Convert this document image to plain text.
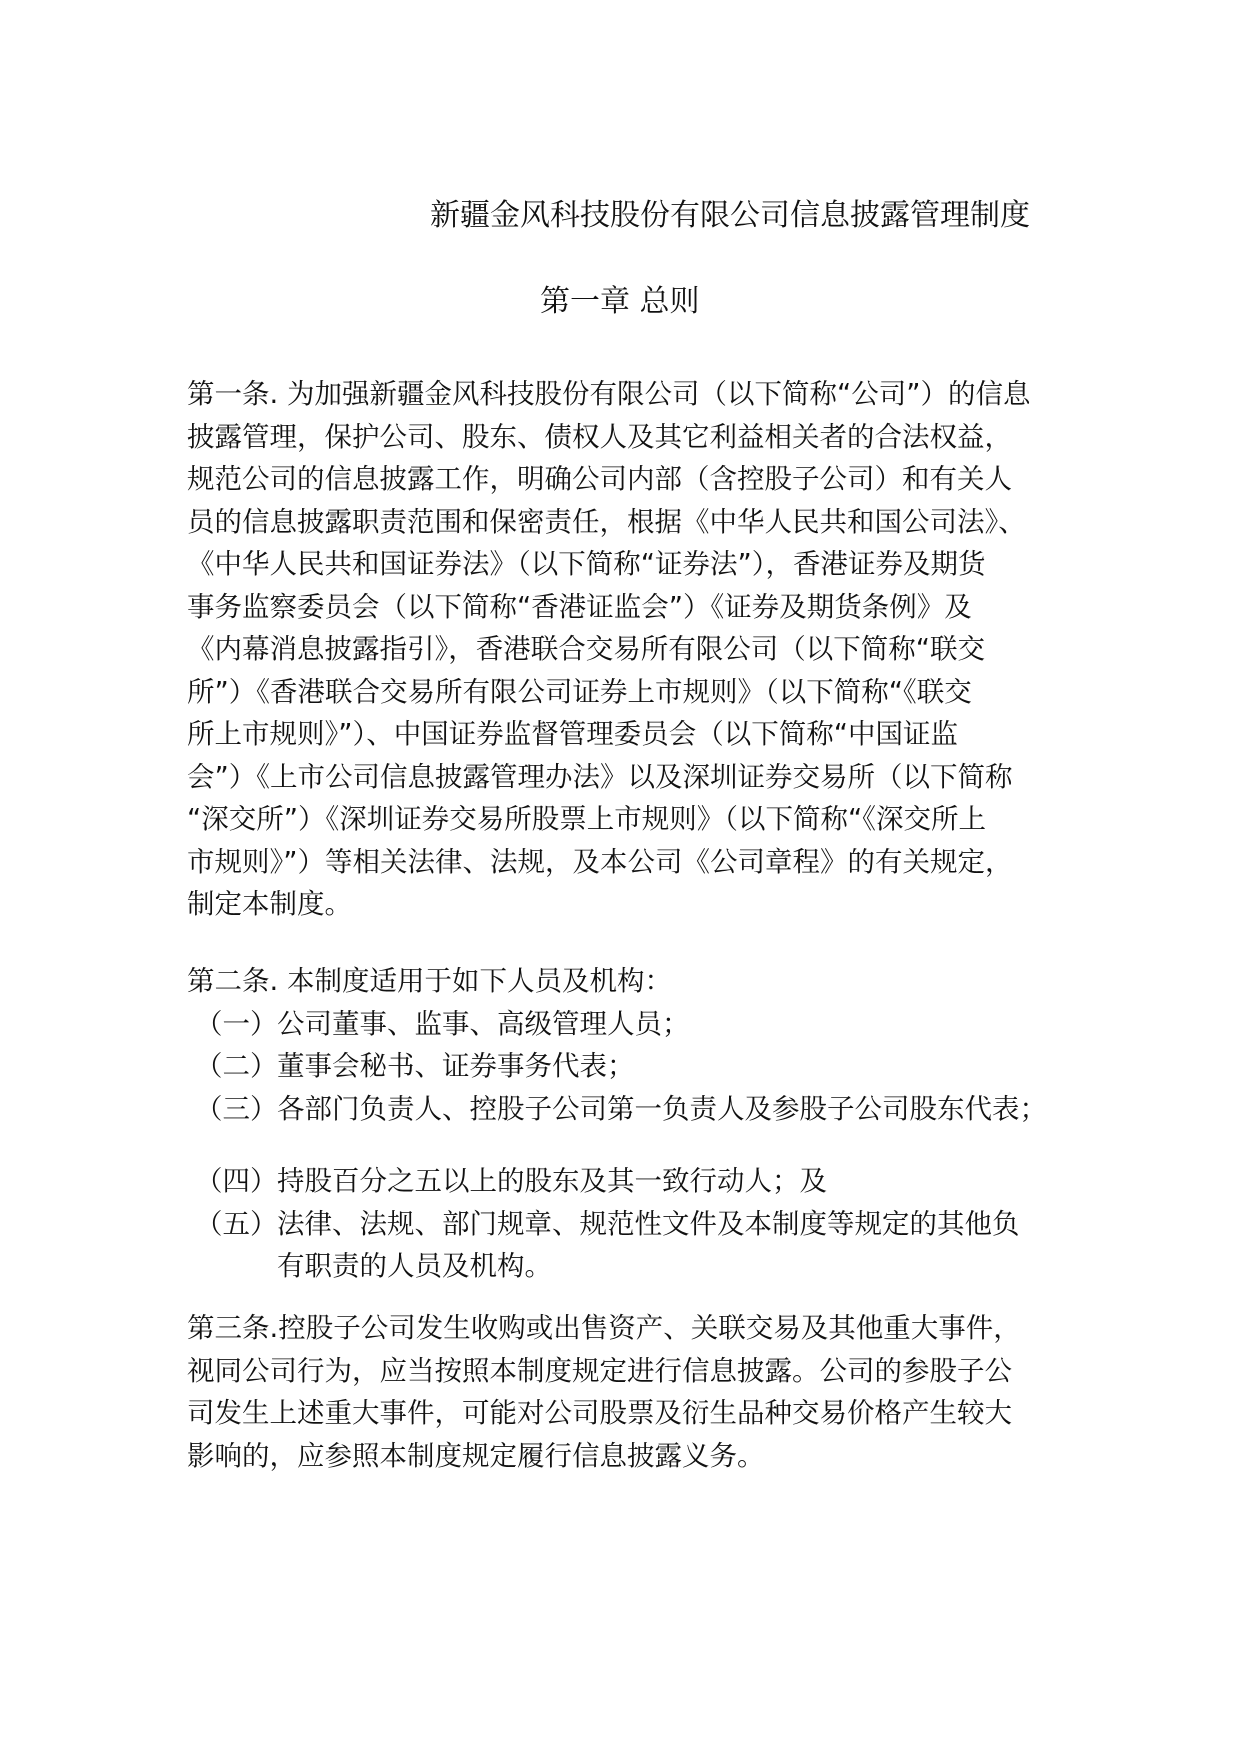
新疆金风科技股份有限公司信息披露管理制度
第一章 总则
第一条. 为加强新疆金风科技股份有限公司（以下简称“公司”）的信息
披露管理，保护公司、股东、债权人及其它利益相关者的合法权益，
规范公司的信息披露工作，明确公司内部（含控股子公司）和有关人
员的信息披露职责范围和保密责任，根据《中华人民共和国公司法》、
《中华人民共和国证券法》（以下简称“证券法”），香港证券及期货
事务监察委员会（以下简称“香港证监会”）《证券及期货条例》及
《内幕消息披露指引》，香港联合交易所有限公司（以下简称“联交
所”）《香港联合交易所有限公司证券上市规则》（以下简称“《联交
所上市规则》”）、中国证券监督管理委员会（以下简称“中国证监
会”）《上市公司信息披露管理办法》以及深圳证券交易所（以下简称
“深交所”）《深圳证券交易所股票上市规则》（以下简称“《深交所上
市规则》”）等相关法律、法规，及本公司《公司章程》的有关规定，
制定本制度。
第二条. 本制度适用于如下人员及机构：
（一）公司董事、监事、高级管理人员；
（二）董事会秘书、证券事务代表；
（三）各部门负责人、控股子公司第一负责人及参股子公司股东代表；
（四）持股百分之五以上的股东及其一致行动人；及
（五）法律、法规、部门规章、规范性文件及本制度等规定的其他负
有职责的人员及机构。
第三条.控股子公司发生收购或出售资产、关联交易及其他重大事件，
视同公司行为，应当按照本制度规定进行信息披露。公司的参股子公
司发生上述重大事件，可能对公司股票及衍生品种交易价格产生较大
影响的，应参照本制度规定履行信息披露义务。
